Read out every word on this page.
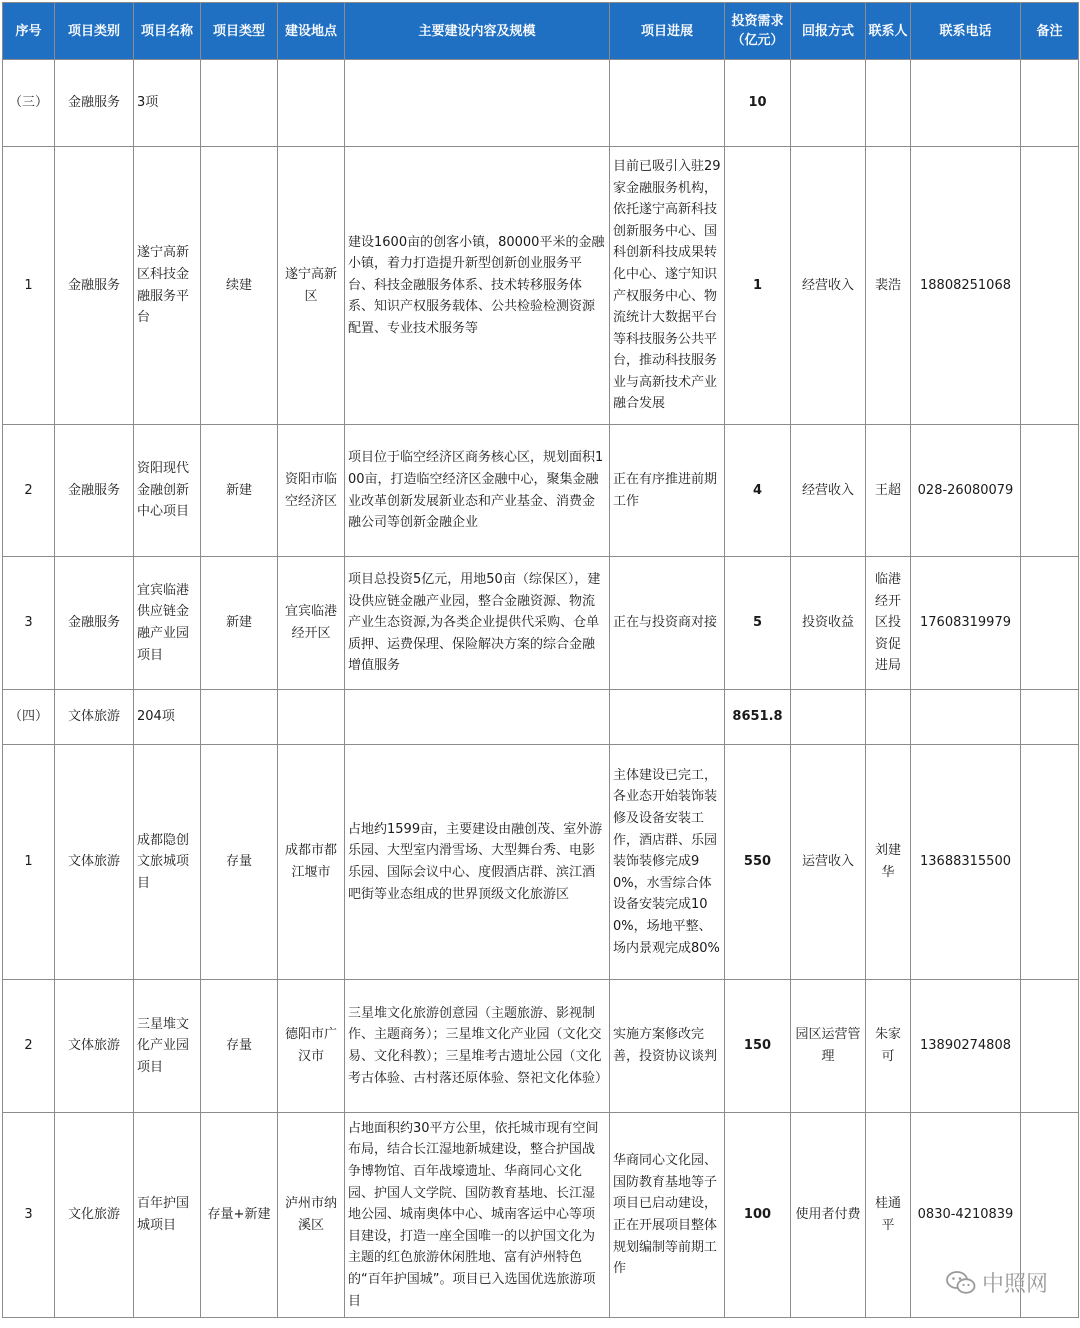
序号	项目类别	项目名称	项目类型	建设地点	主要建设内容及规模	项目进展	投资需求（亿元）	回报方式	联系人	联系电话	备注
（三）	金融服务	3项					10				
1	金融服务	遂宁高新区科技金融服务平台	续建	遂宁高新区	建设1600亩的创客小镇，80000平米的金融小镇，着力打造提升新型创新创业服务平台、科技金融服务体系、技术转移服务体系、知识产权服务载体、公共检验检测资源配置、专业技术服务等	目前已吸引入驻29家金融服务机构，依托遂宁高新科技创新服务中心、国科创新科技成果转化中心、遂宁知识产权服务中心、物流统计大数据平台等科技服务公共平台，推动科技服务业与高新技术产业融合发展	1	经营收入	裴浩	18808251068	
2	金融服务	资阳现代金融创新中心项目	新建	资阳市临空经济区	项目位于临空经济区商务核心区，规划面积100亩，打造临空经济区金融中心，聚集金融业改革创新发展新业态和产业基金、消费金融公司等创新金融企业	正在有序推进前期工作	4	经营收入	王超	028-26080079	
3	金融服务	宜宾临港供应链金融产业园项目	新建	宜宾临港经开区	项目总投资5亿元，用地50亩（综保区），建设供应链金融产业园，整合金融资源、物流产业生态资源,为各类企业提供代采购、仓单质押、运费保理、保险解决方案的综合金融增值服务	正在与投资商对接	5	投资收益	临港经开区投资促进局	17608319979	
（四）	文体旅游	204项					8651.8				
1	文体旅游	成都隐创文旅城项目	存量	成都市都江堰市	占地约1599亩，主要建设由融创茂、室外游乐园、大型室内滑雪场、大型舞台秀、电影乐园、国际会议中心、度假酒店群、滨江酒吧街等业态组成的世界顶级文化旅游区	主体建设已完工，各业态开始装饰装修及设备安装工作，酒店群、乐园装饰装修完成90%，水雪综合体设备安装完成100%，场地平整、场内景观完成80%	550	运营收入	刘建华	13688315500	
2	文体旅游	三星堆文化产业园项目	存量	德阳市广汉市	三星堆文化旅游创意园（主题旅游、影视制作、主题商务）；三星堆文化产业园（文化交易、文化科教）；三星堆考古遗址公园（文化考古体验、古村落还原体验、祭祀文化体验）	实施方案修改完善，投资协议谈判	150	园区运营管理	朱家可	13890274808	
3	文化旅游	百年护国城项目	存量+新建	泸州市纳溪区	占地面积约30平方公里，依托城市现有空间布局，结合长江湿地新城建设，整合护国战争博物馆、百年战壕遗址、华商同心文化园、护国人文学院、国防教育基地、长江湿地公园、城南奥体中心、城南客运中心等项目建设，打造一座全国唯一的以护国文化为主题的红色旅游休闲胜地、富有泸州特色的“百年护国城”。项目已入选国优选旅游项目	华商同心文化园、国防教育基地等子项目已启动建设，正在开展项目整体规划编制等前期工作	100	使用者付费	桂通平	0830-4210839	
中照网
